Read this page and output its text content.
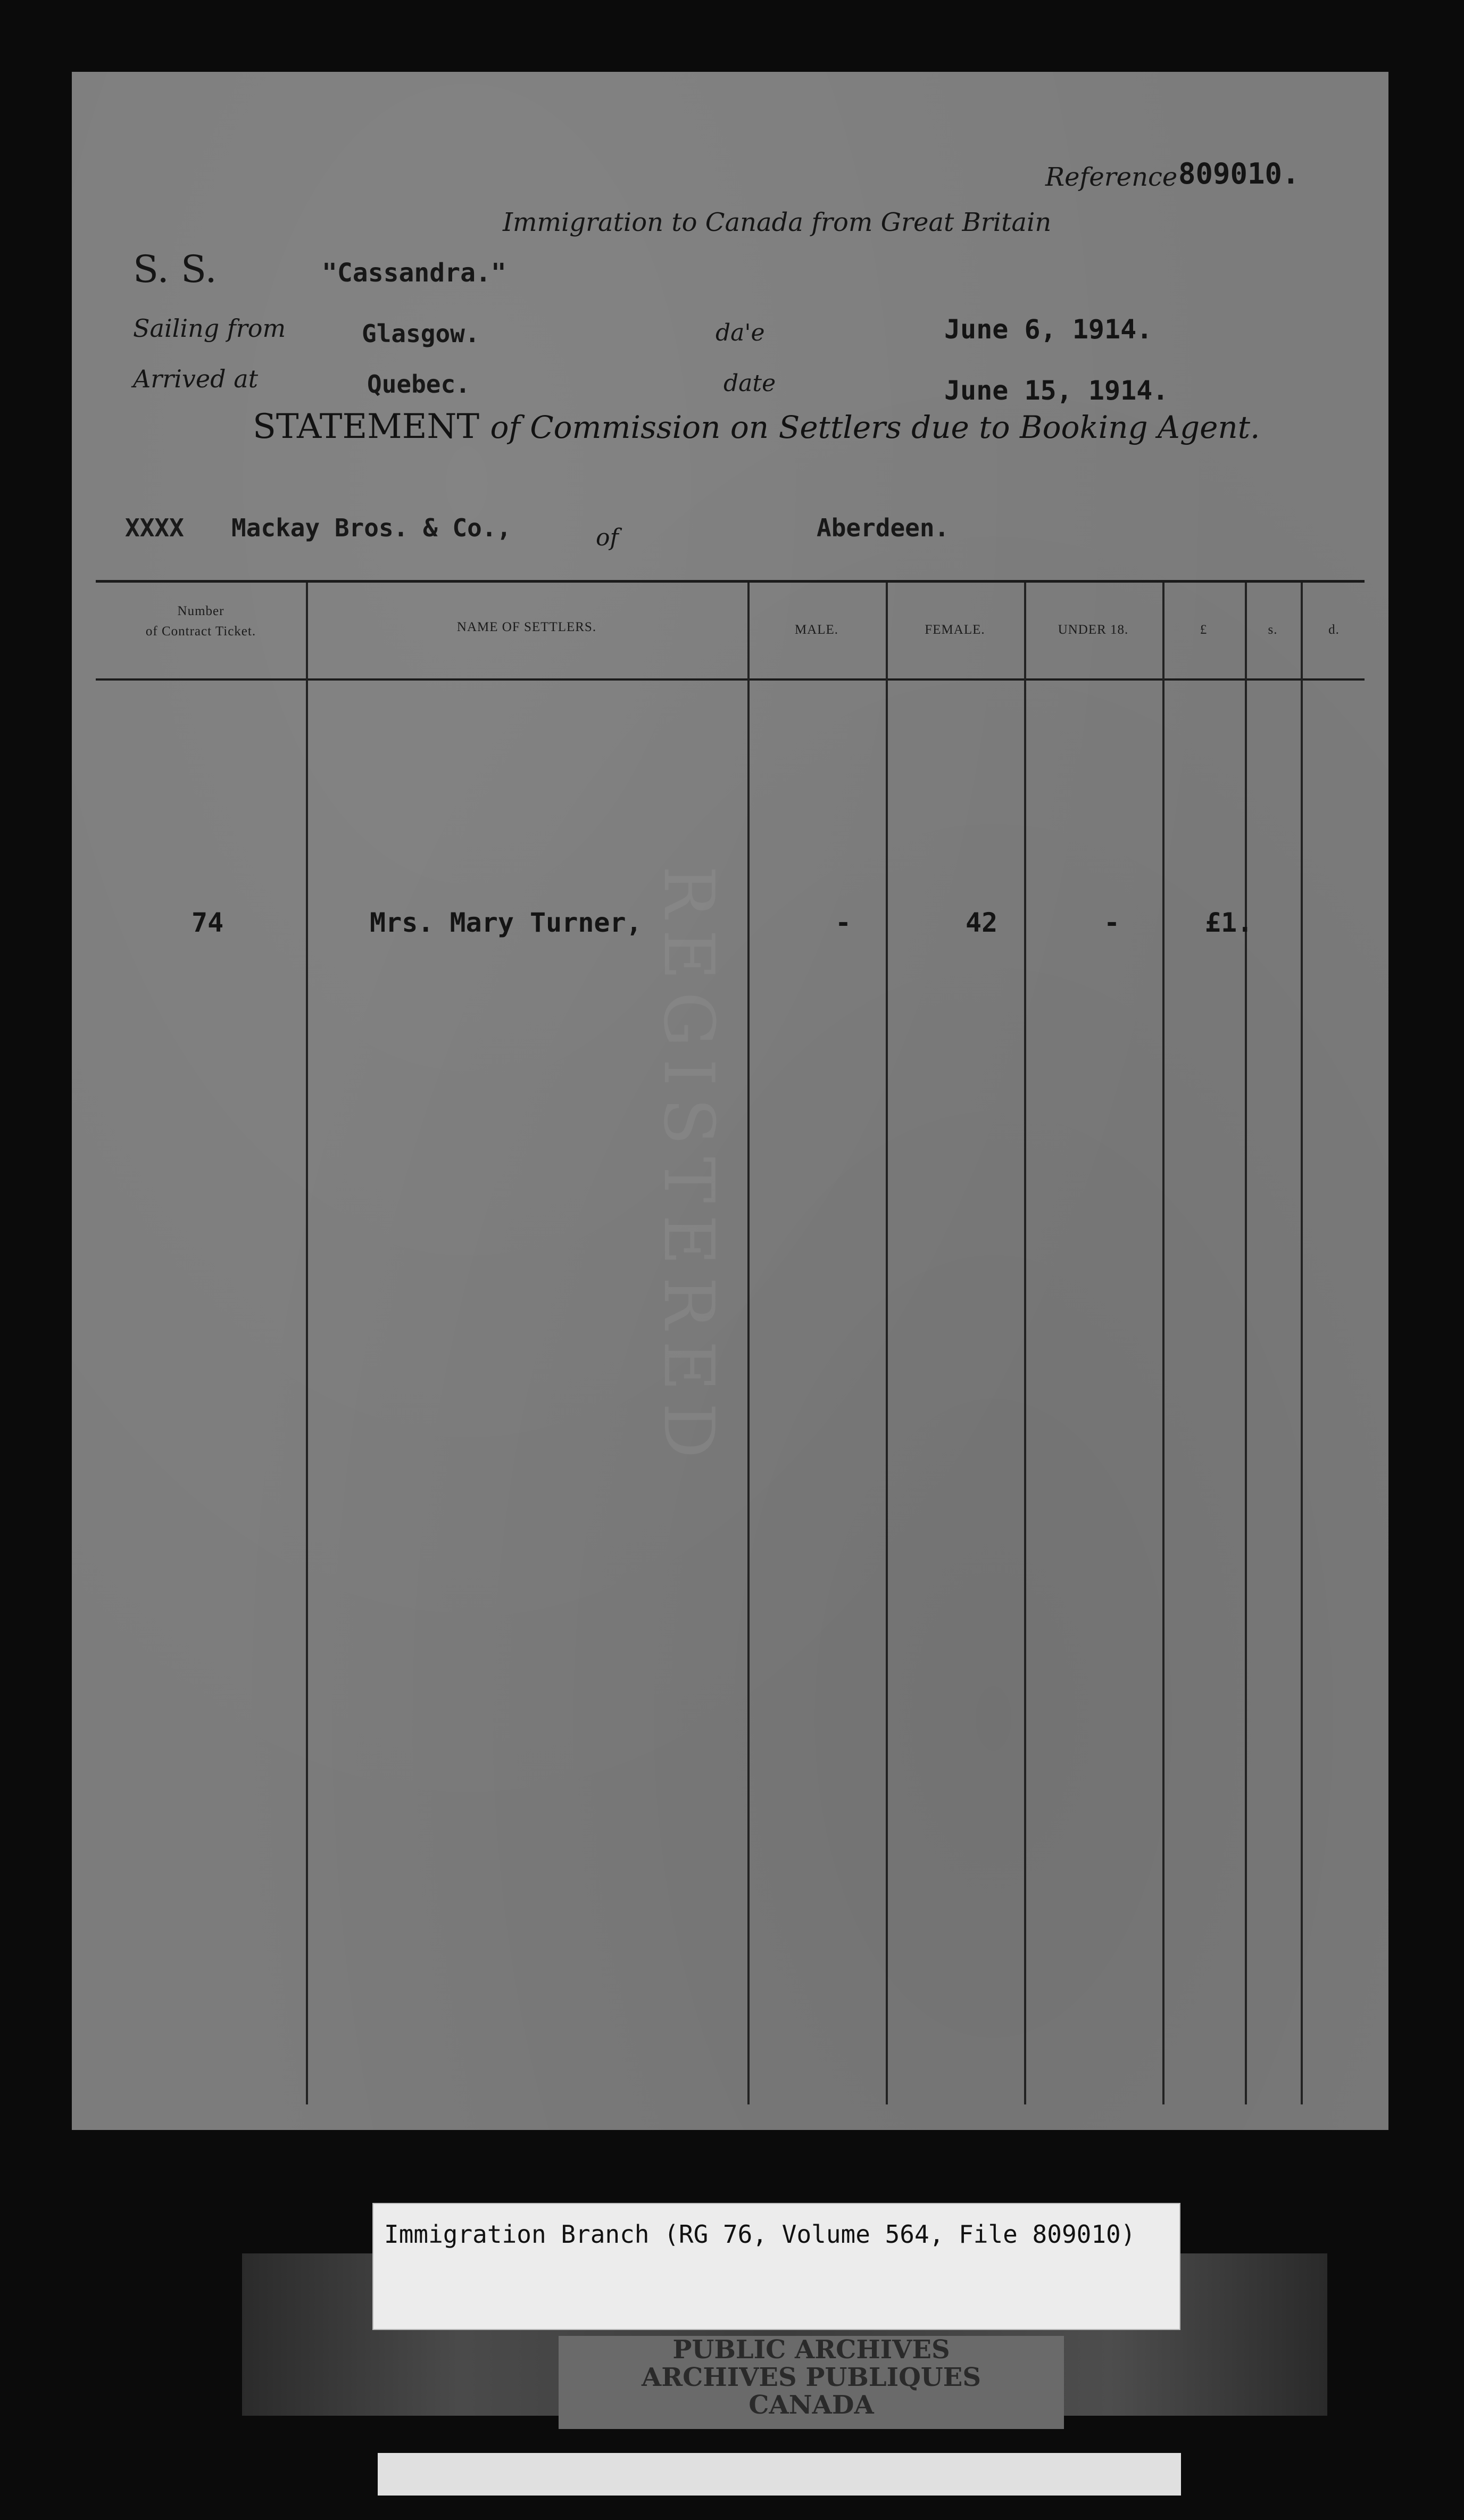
Reference 809010.
Immigration to Canada from Great Britain
S. S.	"Cassandra."
Sailing from	Glasgow.	da'e	June 6, 1914.
Arrived at	Quebec.	date	June 15, 1914.
STATEMENT of Commission on Settlers due to Booking Agent.
XXXX Mackay Bros. & Co.,	of	Aberdeen.
Number
of Contract Ticket.	NAME OF SETTLERS.	MALE.	FEMALE.	UNDER 18.	£	s.	d.
74	Mrs. Mary Turner,	-	42	-	£1.
REGISTERED
PUBLIC ARCHIVES
ARCHIVES PUBLIQUES
CANADA
Immigration Branch (RG 76, Volume 564, File 809010)
